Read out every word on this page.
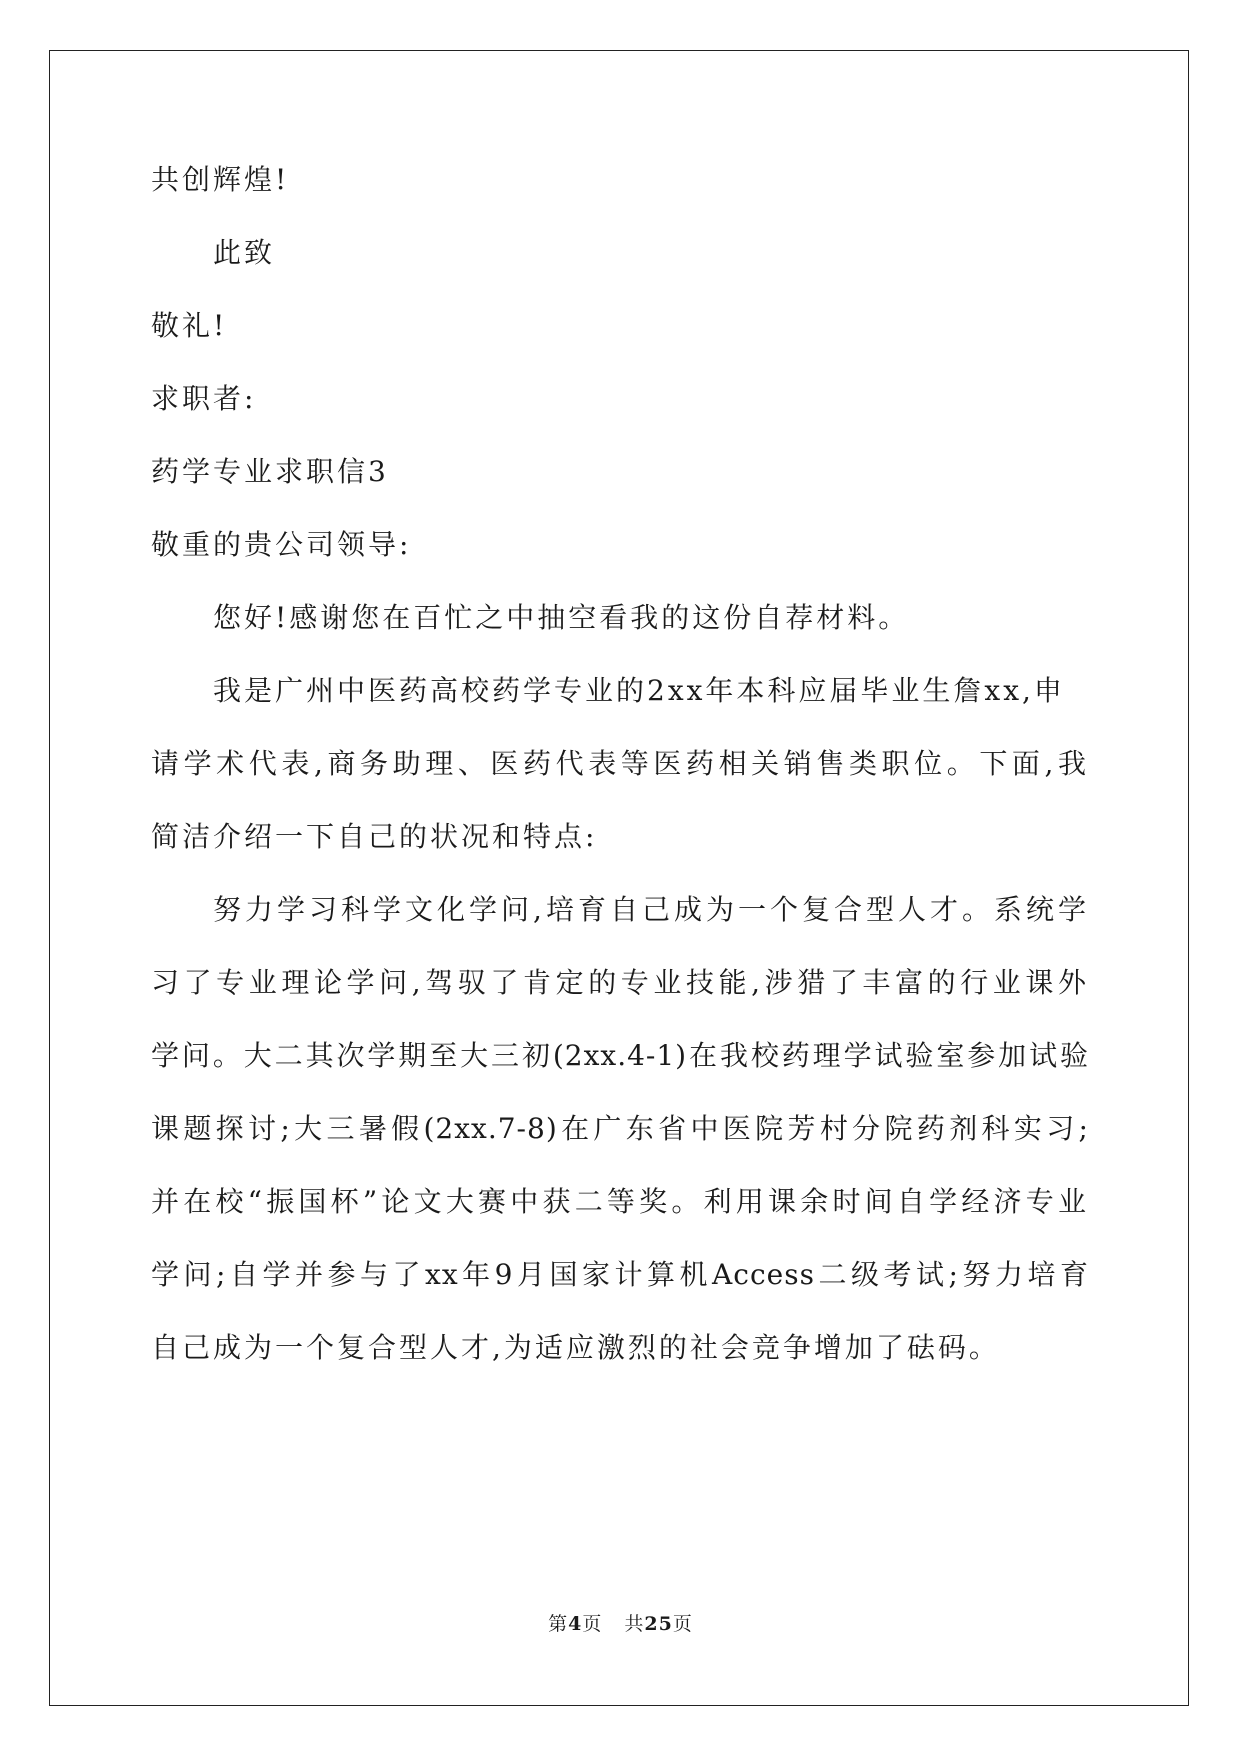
共创辉煌!
此致
敬礼!
求职者:
药学专业求职信3
敬重的贵公司领导:
您好!感谢您在百忙之中抽空看我的这份自荐材料。
我是广州中医药高校药学专业的2xx年本科应届毕业生詹xx,申
请学术代表,商务助理、医药代表等医药相关销售类职位。下面,我
简洁介绍一下自己的状况和特点:
努力学习科学文化学问,培育自己成为一个复合型人才。系统学
习了专业理论学问,驾驭了肯定的专业技能,涉猎了丰富的行业课外
学问。大二其次学期至大三初(2xx.4-1)在我校药理学试验室参加试验
课题探讨;大三暑假(2xx.7-8)在广东省中医院芳村分院药剂科实习;
并在校“振国杯”论文大赛中获二等奖。利用课余时间自学经济专业
学问;自学并参与了xx年9月国家计算机Access二级考试;努力培育
自己成为一个复合型人才,为适应激烈的社会竞争增加了砝码。
第4页 共25页
